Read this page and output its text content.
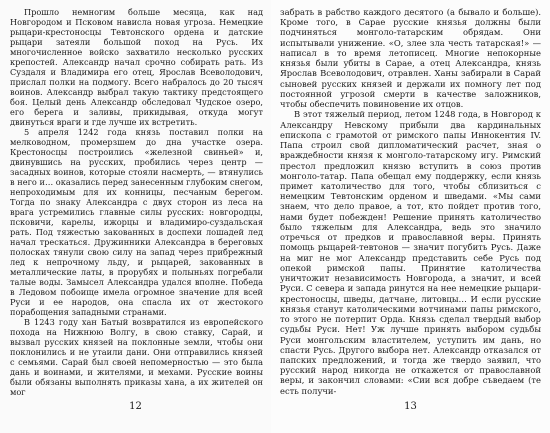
Прошло немногим больше месяца, как над Новгородом и Псковом нависла новая угроза. Немецкие рыцари-крестоносцы Тевтонского ордена и датские рыцари затеяли большой поход на Русь. Их многочисленное войско захватило несколько русских крепостей. Александр начал срочно собирать рать. Из Суздаля и Владимира его отец, Ярослав Всеволодович, прислал полки на подмогу. Всего набралось до 20 тысяч воинов. Александр выбрал такую тактику предстоящего боя. Целый день Александр обследовал Чудское озеро, его берега и заливы, прикидывая, откуда могут двинуться враги и где лучше их встретить.

5 апреля 1242 года князь поставил полки на мелководном, промерзшем до дна участке озера. Крестоносцы построились «железной свиньей» и, двинувшись на русских, пробились через центр — засадных воинов, которые стояли насмерть, — втянулись в него и… оказались перед занесенным глубоким снегом, непроходимым для их конницы, песчаным берегом. Тогда по знаку Александра с двух сторон из леса на врага устремились главные силы русских: новгородцы, псковичи, карелы, ижорцы и владимиро-суздальская рать. Под тяжестью закованных в доспехи лошадей лед начал трескаться. Дружинники Александра в береговых полосках тянули свою силу на запад через прибрежный лед к непрочному льду, и рыцарей, закованных в металлические латы, в прорубях и полыньях погребали талые воды. Замысел Александра удался вполне. Победа в Ледовом побоище имела огромное значение для всей Руси и ее народов, она спасла их от жестокого порабощения западными странами.

В 1243 году хан Батый возвратился из европейского похода на Нижнюю Волгу, в свою ставку, Сарай, и вызвал русских князей на поклонные земли, чтобы они поклонились и не утаили дани. Они отправились князей с семьями. Сарай был своей непомерностью — это была дань и воинами, и жителями, и мехами. Русские воины были обязаны выполнять приказы хана, а их жителей он мог

12

забрать в рабство каждого десятого (а бывало и больше). Кроме того, в Сарае русские князья должны были подчиняться монголо-татарским обрядам. Они испытывали унижение. «О, злее зла честь татарская!» — написал в то время летописец. Многие непокорные князья были убиты в Сарае, а отец Александра, князь Ярослав Всеволодович, отравлен. Ханы забирали в Сарай сыновей русских князей и держали их помногу лет под постоянной угрозой смерти в качестве заложников, чтобы обеспечить повиновение их отцов.

В этот тяжелый период, летом 1248 года, в Новгород к Александру Невскому прибыли два кардинальных епископа с грамотой от римского папы Иннокентия IV. Папа строил свой дипломатический расчет, зная о враждебности князя к монголо-татарскому игу. Римский престол предложил князю вступить в союз против монголо-татар. Папа обещал ему поддержку, если князь примет католичество для того, чтобы сблизиться с немецким Тевтонским орденом и шведами. «Мы сами знаем, что дело правое, а тот, кто пойдет против того, нами будет побежден! Решение принять католичество было тяжелым для Александра, ведь это значило отречься от предков и православной веры. Принять помощь рыцарей-тевтонов — значит погубить Русь. Даже на миг не мог Александр представить себе Русь под опекой римской папы. Принятие католичества уничтожит независимость Новгорода, а значит, и всей Руси. С севера и запада ринутся на нее немецкие рыцари-крестоносцы, шведы, датчане, литовцы… И если русские князья станут католическими вотчинами папы римского, то этого не потерпит Орда. Князь сделал твердый выбор судьбы Руси. Нет! Уж лучше принять выбором судьбы Руси монгольским властителем, уступить им дань, но спасти Русь. Другого выбора нет. Александр отказался от папских предложений, и тогда же твердо заявил, что русский народ никогда не откажется от православной веры, и закончил словами: «Сии вся добре съведаем (те есть получи-

13
